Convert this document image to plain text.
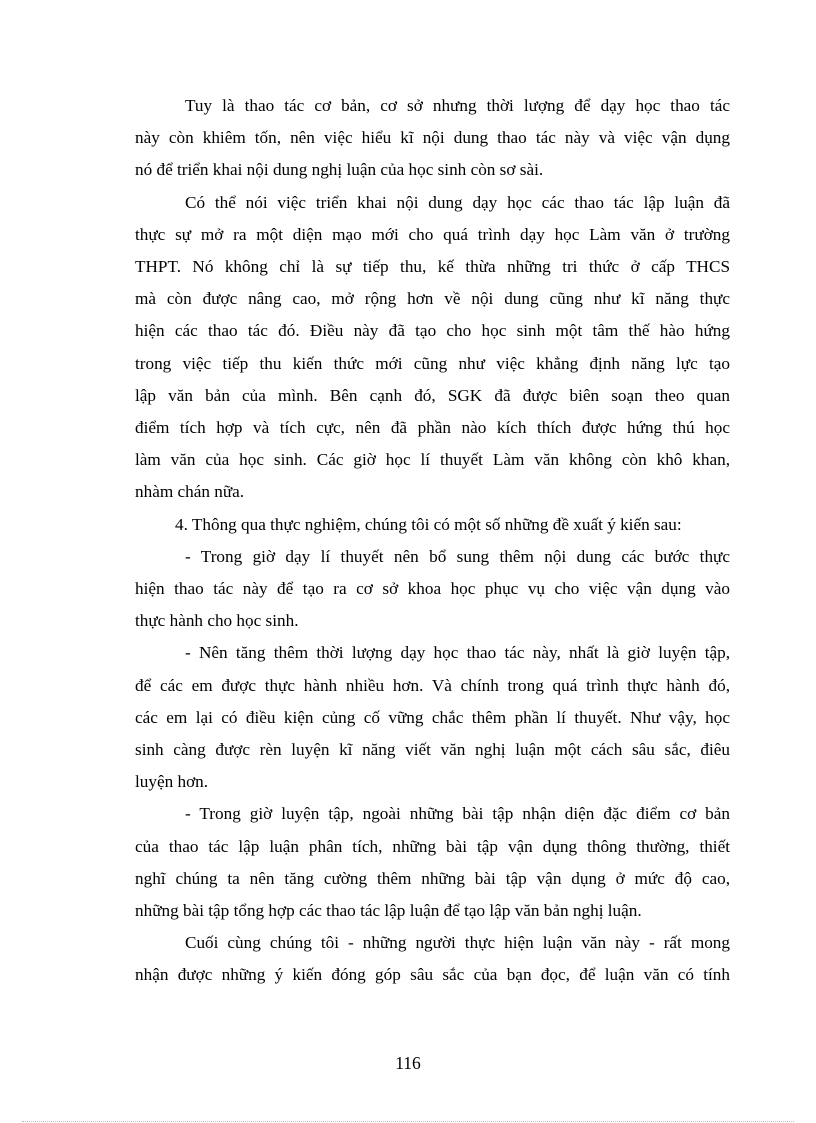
Tuy là thao tác cơ bản, cơ sở nhưng thời lượng để dạy học thao tác
này còn khiêm tốn, nên việc hiểu kĩ nội dung thao tác này và việc vận dụng
nó để triển khai nội dung nghị luận của học sinh còn sơ sài.
Có thể nói việc triển khai nội dung dạy học các thao tác lập luận đã
thực sự mở ra một diện mạo mới cho quá trình dạy học Làm văn ở trường
THPT. Nó không chỉ là sự tiếp thu, kế thừa những tri thức ở cấp THCS
mà còn được nâng cao, mở rộng hơn về nội dung cũng như kĩ năng thực
hiện các thao tác đó. Điều này đã tạo cho học sinh một tâm thế hào hứng
trong việc tiếp thu kiến thức mới cũng như việc khẳng định năng lực tạo
lập văn bản của mình. Bên cạnh đó, SGK đã được biên soạn theo quan
điểm tích hợp và tích cực, nên đã phần nào kích thích được hứng thú học
làm văn của học sinh. Các giờ học lí thuyết Làm văn không còn khô khan,
nhàm chán nữa.
4. Thông qua thực nghiệm, chúng tôi có một số những đề xuất ý kiến sau:
- Trong giờ dạy lí thuyết nên bổ sung thêm nội dung các bước thực
hiện thao tác này để tạo ra cơ sở khoa học phục vụ cho việc vận dụng vào
thực hành cho học sinh.
- Nên tăng thêm thời lượng dạy học thao tác này, nhất là giờ luyện tập,
để các em được thực hành nhiều hơn. Và chính trong quá trình thực hành đó,
các em lại có điều kiện củng cố vững chắc thêm phần lí thuyết. Như vậy, học
sinh càng được rèn luyện kĩ năng viết văn nghị luận một cách sâu sắc, điêu
luyện hơn.
- Trong giờ luyện tập, ngoài những bài tập nhận diện đặc điểm cơ bản
của thao tác lập luận phân tích, những bài tập vận dụng thông thường, thiết
nghĩ chúng ta nên tăng cường thêm những bài tập vận dụng ở mức độ cao,
những bài tập tổng hợp các thao tác lập luận để tạo lập văn bản nghị luận.
Cuối cùng chúng tôi - những người thực hiện luận văn này - rất mong
nhận được những ý kiến đóng góp sâu sắc của bạn đọc, để luận văn có tính
116
